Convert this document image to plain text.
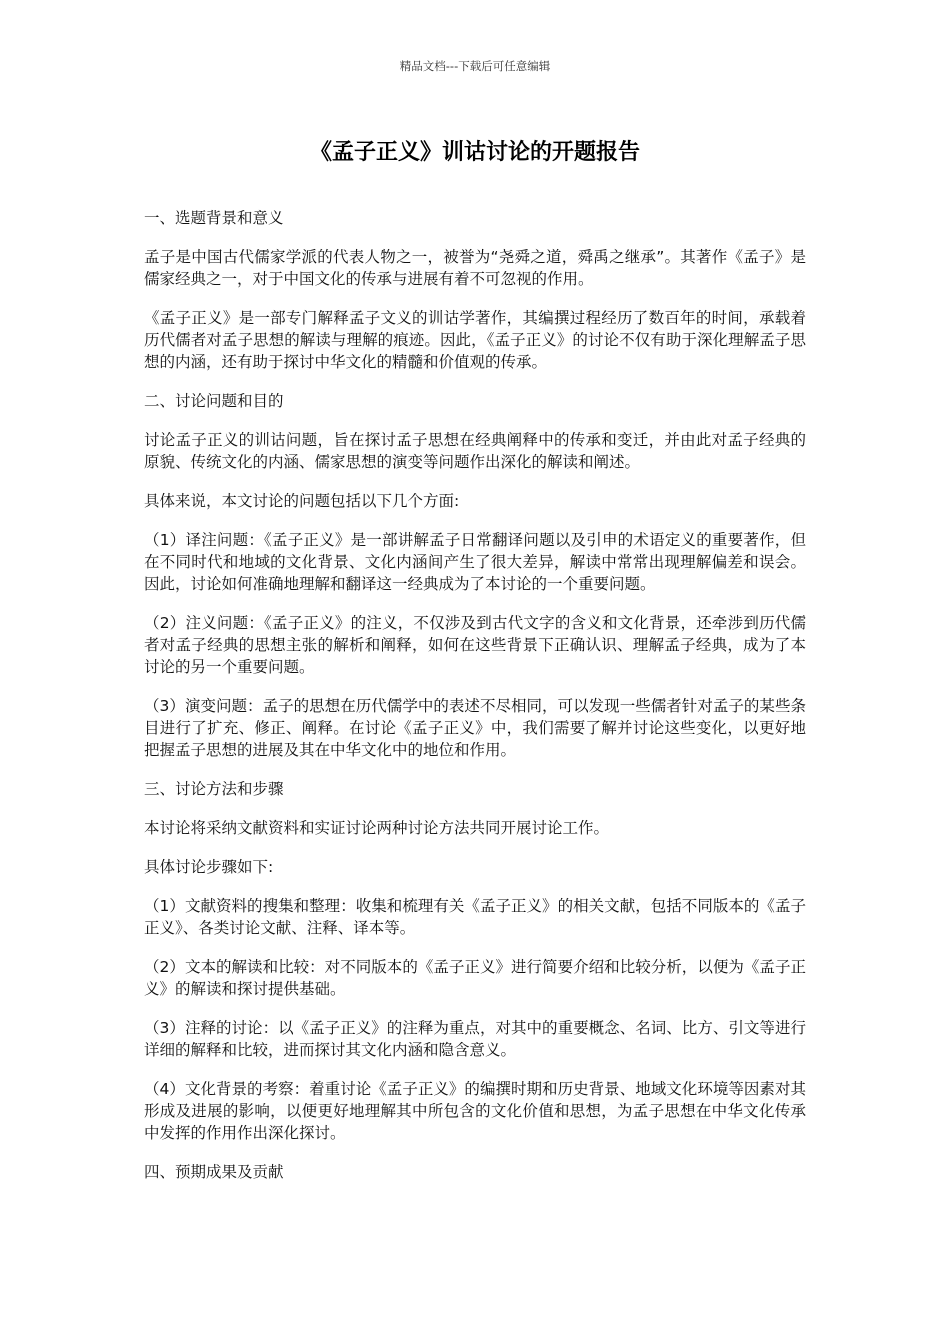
精品文档---下载后可任意编辑
《孟子正义》训诂讨论的开题报告

一、选题背景和意义

孟子是中国古代儒家学派的代表人物之一，被誉为“尧舜之道，舜禹之继承”。其著作《孟子》是儒家经典之一，对于中国文化的传承与进展有着不可忽视的作用。

《孟子正义》是一部专门解释孟子文义的训诂学著作，其编撰过程经历了数百年的时间，承载着历代儒者对孟子思想的解读与理解的痕迹。因此，《孟子正义》的讨论不仅有助于深化理解孟子思想的内涵，还有助于探讨中华文化的精髓和价值观的传承。

二、讨论问题和目的

讨论孟子正义的训诂问题，旨在探讨孟子思想在经典阐释中的传承和变迁，并由此对孟子经典的原貌、传统文化的内涵、儒家思想的演变等问题作出深化的解读和阐述。

具体来说，本文讨论的问题包括以下几个方面:

（1）译注问题：《孟子正义》是一部讲解孟子日常翻译问题以及引申的术语定义的重要著作，但在不同时代和地域的文化背景、文化内涵间产生了很大差异，解读中常常出现理解偏差和误会。因此，讨论如何准确地理解和翻译这一经典成为了本讨论的一个重要问题。

（2）注义问题：《孟子正义》的注义，不仅涉及到古代文字的含义和文化背景，还牵涉到历代儒者对孟子经典的思想主张的解析和阐释，如何在这些背景下正确认识、理解孟子经典，成为了本讨论的另一个重要问题。

（3）演变问题：孟子的思想在历代儒学中的表述不尽相同，可以发现一些儒者针对孟子的某些条目进行了扩充、修正、阐释。在讨论《孟子正义》中，我们需要了解并讨论这些变化，以更好地把握孟子思想的进展及其在中华文化中的地位和作用。

三、讨论方法和步骤

本讨论将采纳文献资料和实证讨论两种讨论方法共同开展讨论工作。

具体讨论步骤如下:

（1）文献资料的搜集和整理：收集和梳理有关《孟子正义》的相关文献，包括不同版本的《孟子正义》、各类讨论文献、注释、译本等。

（2）文本的解读和比较：对不同版本的《孟子正义》进行简要介绍和比较分析，以便为《孟子正义》的解读和探讨提供基础。

（3）注释的讨论：以《孟子正义》的注释为重点，对其中的重要概念、名词、比方、引文等进行详细的解释和比较，进而探讨其文化内涵和隐含意义。

（4）文化背景的考察：着重讨论《孟子正义》的编撰时期和历史背景、地域文化环境等因素对其形成及进展的影响，以便更好地理解其中所包含的文化价值和思想，为孟子思想在中华文化传承中发挥的作用作出深化探讨。

四、预期成果及贡献
